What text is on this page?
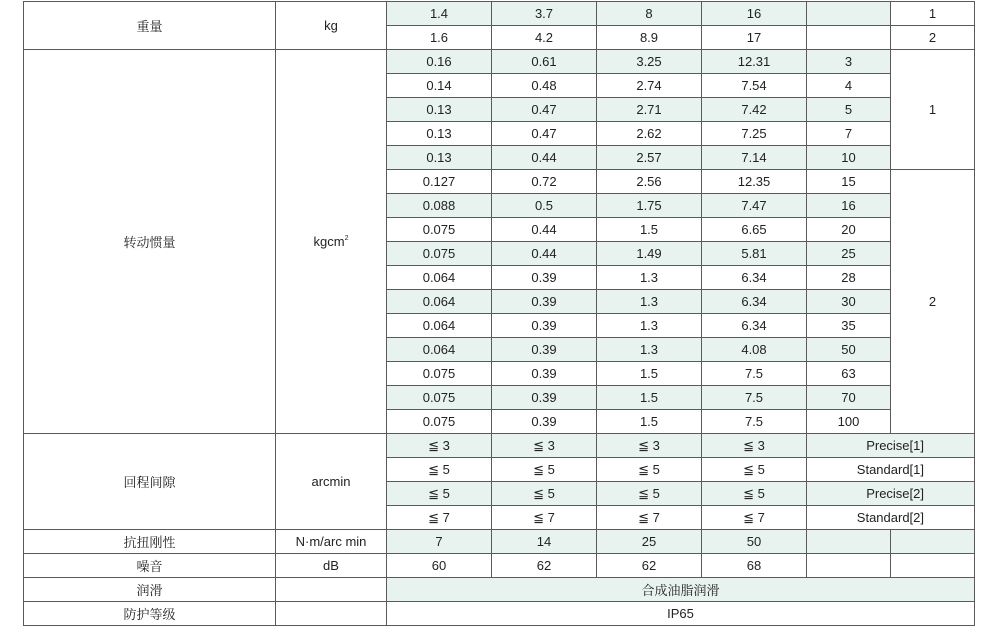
重量	kg	1.4	3.7	8	16		1
		1.6	4.2	8.9	17		2
转动惯量	kgcm$^2$	0.16	0.61	3.25	12.31	3	1
		0.14	0.48	2.74	7.54	4	
		0.13	0.47	2.71	7.42	5	
		0.13	0.47	2.62	7.25	7	
		0.13	0.44	2.57	7.14	10	
		0.127	0.72	2.56	12.35	15	2
		0.088	0.5	1.75	7.47	16	
		0.075	0.44	1.5	6.65	20	
		0.075	0.44	1.49	5.81	25	
		0.064	0.39	1.3	6.34	28	
		0.064	0.39	1.3	6.34	30	
		0.064	0.39	1.3	6.34	35	
		0.064	0.39	1.3	4.08	50	
		0.075	0.39	1.5	7.5	63	
		0.075	0.39	1.5	7.5	70	
		0.075	0.39	1.5	7.5	100	
回程间隙	arcmin	≦ 3	≦ 3	≦ 3	≦ 3	Precise[1]	
		≦ 5	≦ 5	≦ 5	≦ 5	Standard[1]	
		≦ 5	≦ 5	≦ 5	≦ 5	Precise[2]	
		≦ 7	≦ 7	≦ 7	≦ 7	Standard[2]	
抗扭刚性	N·m/arc min	7	14	25	50		
噪音	dB	60	62	62	68		
润滑		合成油脂润滑					
防护等级		IP65					
